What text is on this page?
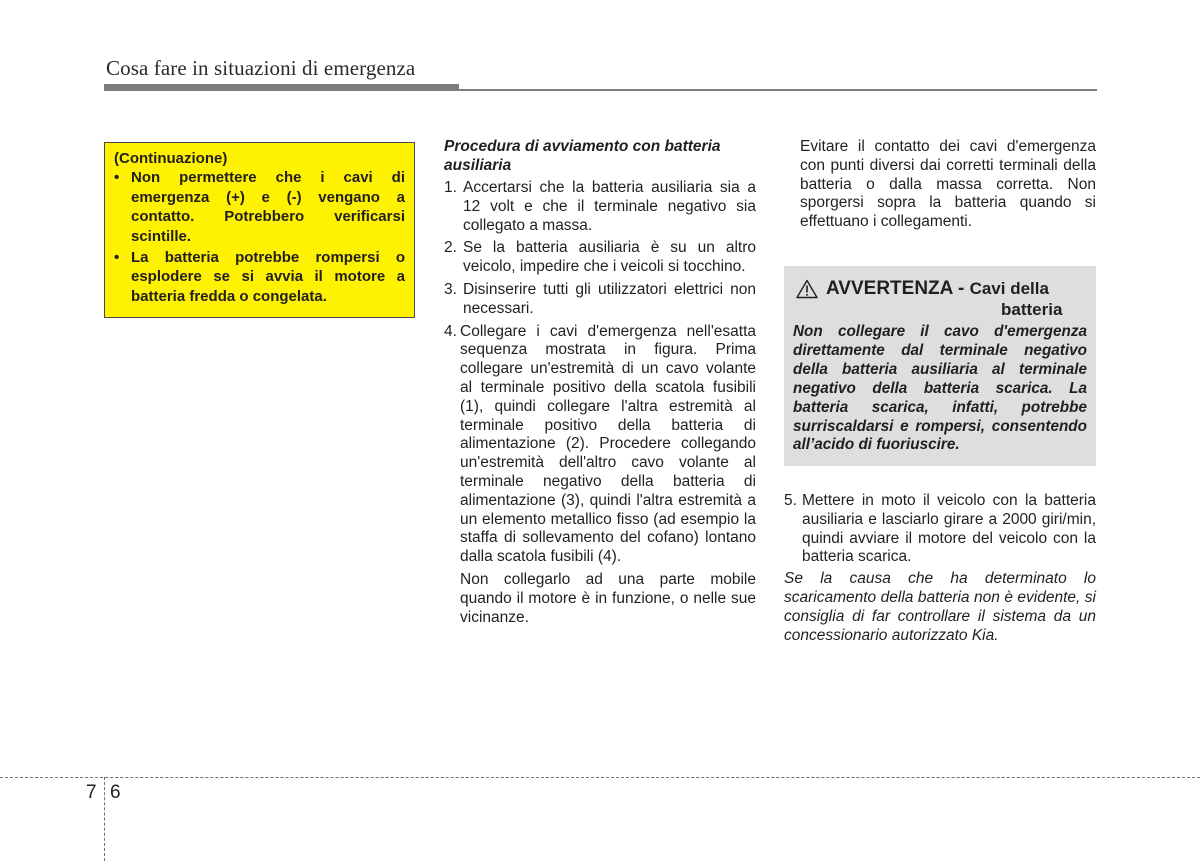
Cosa fare in situazioni di emergenza
(Continuazione)
• Non permettere che i cavi di emergenza (+) e (-) vengano a contatto. Potrebbero verificarsi scintille.
• La batteria potrebbe rompersi o esplodere se si avvia il motore a batteria fredda o congelata.
Procedura di avviamento con batteria ausiliaria
1. Accertarsi che la batteria ausiliaria sia a 12 volt e che il terminale negativo sia collegato a massa.
2. Se la batteria ausiliaria è su un altro veicolo, impedire che i veicoli si tocchino.
3. Disinserire tutti gli utilizzatori elettrici non necessari.
4. Collegare i cavi d'emergenza nell'esatta sequenza mostrata in figura. Prima collegare un'estremità di un cavo volante al terminale positivo della scatola fusibili (1), quindi collegare l'altra estremità al terminale positivo della batteria di alimentazione (2). Procedere collegando un'estremità dell'altro cavo volante al terminale negativo della batteria di alimentazione (3), quindi l'altra estremità a un elemento metallico fisso (ad esempio la staffa di sollevamento del cofano) lontano dalla scatola fusibili (4).
Non collegarlo ad una parte mobile quando il motore è in funzione, o nelle sue vicinanze.
Evitare il contatto dei cavi d'emergenza con punti diversi dai corretti terminali della batteria o dalla massa corretta. Non sporgersi sopra la batteria quando si effettuano i collegamenti.
AVVERTENZA - Cavi della
batteria
Non collegare il cavo d'emergenza direttamente dal terminale negativo della batteria ausiliaria al terminale negativo della batteria scarica. La batteria scarica, infatti, potrebbe surriscaldarsi e rompersi, consentendo all’acido di fuoriuscire.
5. Mettere in moto il veicolo con la batteria ausiliaria e lasciarlo girare a 2000 giri/min, quindi avviare il motore del veicolo con la batteria scarica.
Se la causa che ha determinato lo scaricamento della batteria non è evidente, si consiglia di far controllare il sistema da un concessionario autorizzato Kia.
7 6
